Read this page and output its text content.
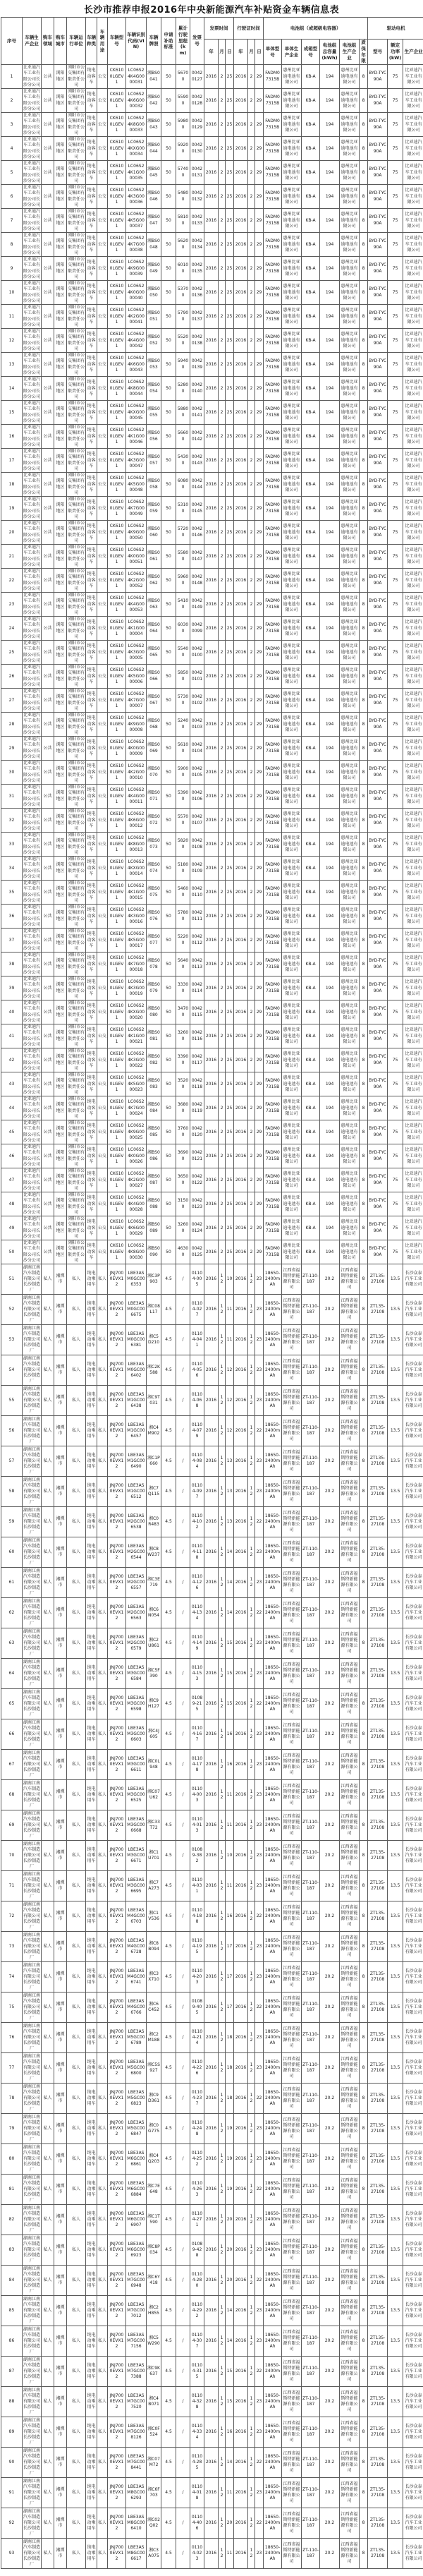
长沙市推荐申报2016年中央新能源汽车补贴资金车辆信息表
序号	车辆生产企业	购车领域	购车城市	车辆运行单位	车辆种类	车辆用途	车辆型号	车辆识别代码(VIN)	车辆牌照	申请补助标准	累计行驶里程(km)	发票号	发票时间			行驶证时间			电池组（或超级电容器）						驱动电机		
													年	月	日	年	月	日	单体型号	单体生产企业	成箱型号	电池组总容量(kWh)	电池组生产企业	质保年限	型号	额定功率(kW)	生产企业
1	比亚迪汽车工业有限公司长沙分公司	公共	浏阳地区	浏阳市公交集团有限责任公司	纯电动客车	公交	CK6100LGEV1	LC06S24K4G0000031	湘BS0041	50	56700	00420127	2016	2	25	2016	2	29	FADM07315B	惠州比亚迪电池有限公司	KB-A	194	惠州比亚迪电池有限公司	8	BYD-TYC90A	75	比亚迪汽车工业有限公司
2	比亚迪汽车工业有限公司长沙分公司	公共	浏阳地区	浏阳市公交集团有限责任公司	纯电动客车	公交	CK6100LGEV1	LC06S24K6G0000032	湘BS0042	50	55900	00420128	2016	2	25	2016	2	29	FADM07315B	惠州比亚迪电池有限公司	KB-A	194	惠州比亚迪电池有限公司	8	BYD-TYC90A	75	比亚迪汽车工业有限公司
3	比亚迪汽车工业有限公司长沙分公司	公共	浏阳地区	浏阳市公交集团有限责任公司	纯电动客车	公交	CK6100LGEV1	LC06S24K8G0000033	湘BS0043	50	59800	00420129	2016	2	25	2016	2	29	FADM07315B	惠州比亚迪电池有限公司	KB-A	194	惠州比亚迪电池有限公司	8	BYD-TYC90A	75	比亚迪汽车工业有限公司
4	比亚迪汽车工业有限公司长沙分公司	公共	浏阳地区	浏阳市公交集团有限责任公司	纯电动客车	公交	CK6100LGEV1	LC06S24KXG0000034	湘BS0044	50	59200	00420130	2016	2	25	2016	2	29	FADM07315B	惠州比亚迪电池有限公司	KB-A	194	惠州比亚迪电池有限公司	8	BYD-TYC90A	75	比亚迪汽车工业有限公司
5	比亚迪汽车工业有限公司长沙分公司	公共	浏阳地区	浏阳市公交集团有限责任公司	纯电动客车	公交	CK6100LGEV1	LC06S24K1G0000035	湘BS0045	50	57400	00420131	2016	2	25	2016	2	29	FADM07315B	惠州比亚迪电池有限公司	KB-A	194	惠州比亚迪电池有限公司	8	BYD-TYC90A	75	比亚迪汽车工业有限公司
6	比亚迪汽车工业有限公司长沙分公司	公共	浏阳地区	浏阳市公交集团有限责任公司	纯电动客车	公交	CK6100LGEV1	LC06S24K3G0000036	湘BS0046	50	54800	00420132	2016	2	25	2016	2	29	FADM07315B	惠州比亚迪电池有限公司	KB-A	194	惠州比亚迪电池有限公司	8	BYD-TYC90A	75	比亚迪汽车工业有限公司
7	比亚迪汽车工业有限公司长沙分公司	公共	浏阳地区	浏阳市公交集团有限责任公司	纯电动客车	公交	CK6100LGEV1	LC06S24K5G0000037	湘BS0047	50	58100	00420133	2016	2	25	2016	2	29	FADM07315B	惠州比亚迪电池有限公司	KB-A	194	惠州比亚迪电池有限公司	8	BYD-TYC90A	75	比亚迪汽车工业有限公司
8	比亚迪汽车工业有限公司长沙分公司	公共	浏阳地区	浏阳市公交集团有限责任公司	纯电动客车	公交	CK6100LGEV1	LC06S24K7G0000038	湘BS0048	50	56200	00420134	2016	2	25	2016	2	29	FADM07315B	惠州比亚迪电池有限公司	KB-A	194	惠州比亚迪电池有限公司	8	BYD-TYC90A	75	比亚迪汽车工业有限公司
9	比亚迪汽车工业有限公司长沙分公司	公共	浏阳地区	浏阳市公交集团有限责任公司	纯电动客车	公交	CK6100LGEV1	LC06S24K9G0000039	湘BS0049	50	60100	00420135	2016	2	25	2016	2	29	FADM07315B	惠州比亚迪电池有限公司	KB-A	194	惠州比亚迪电池有限公司	8	BYD-TYC90A	75	比亚迪汽车工业有限公司
10	比亚迪汽车工业有限公司长沙分公司	公共	浏阳地区	浏阳市公交集团有限责任公司	纯电动客车	公交	CK6100LGEV1	LC06S24K0G0000040	湘BS0050	50	53700	00420136	2016	2	25	2016	2	29	FADM07315B	惠州比亚迪电池有限公司	KB-A	194	惠州比亚迪电池有限公司	8	BYD-TYC90A	75	比亚迪汽车工业有限公司
11	比亚迪汽车工业有限公司长沙分公司	公共	浏阳地区	浏阳市公交集团有限责任公司	纯电动客车	公交	CK6100LGEV1	LC06S24K2G0000041	湘BS0051	50	57900	00420137	2016	2	25	2016	2	29	FADM07315B	惠州比亚迪电池有限公司	KB-A	194	惠州比亚迪电池有限公司	8	BYD-TYC90A	75	比亚迪汽车工业有限公司
12	比亚迪汽车工业有限公司长沙分公司	公共	浏阳地区	浏阳市公交集团有限责任公司	纯电动客车	公交	CK6100LGEV1	LC06S24K4G0000042	湘BS0052	50	55200	00420138	2016	2	25	2016	2	29	FADM07315B	惠州比亚迪电池有限公司	KB-A	194	惠州比亚迪电池有限公司	8	BYD-TYC90A	75	比亚迪汽车工业有限公司
13	比亚迪汽车工业有限公司长沙分公司	公共	浏阳地区	浏阳市公交集团有限责任公司	纯电动客车	公交	CK6100LGEV1	LC06S24K6G0000043	湘BS0053	50	59400	00420139	2016	2	25	2016	2	29	FADM07315B	惠州比亚迪电池有限公司	KB-A	194	惠州比亚迪电池有限公司	8	BYD-TYC90A	75	比亚迪汽车工业有限公司
14	比亚迪汽车工业有限公司长沙分公司	公共	浏阳地区	浏阳市公交集团有限责任公司	纯电动客车	公交	CK6100LGEV1	LC06S24K8G0000044	湘BS0054	50	52800	00420140	2016	2	25	2016	2	29	FADM07315B	惠州比亚迪电池有限公司	KB-A	194	惠州比亚迪电池有限公司	8	BYD-TYC90A	75	比亚迪汽车工业有限公司
15	比亚迪汽车工业有限公司长沙分公司	公共	浏阳地区	浏阳市公交集团有限责任公司	纯电动客车	公交	CK6100LGEV1	LC06S24KXG0000045	湘BS0055	50	58800	00420141	2016	2	25	2016	2	29	FADM07315B	惠州比亚迪电池有限公司	KB-A	194	惠州比亚迪电池有限公司	8	BYD-TYC90A	75	比亚迪汽车工业有限公司
16	比亚迪汽车工业有限公司长沙分公司	公共	浏阳地区	浏阳市公交集团有限责任公司	纯电动客车	公交	CK6100LGEV1	LC06S24K1G0000046	湘BS0056	50	56600	00420142	2016	2	25	2016	2	29	FADM07315B	惠州比亚迪电池有限公司	KB-A	194	惠州比亚迪电池有限公司	8	BYD-TYC90A	75	比亚迪汽车工业有限公司
17	比亚迪汽车工业有限公司长沙分公司	公共	浏阳地区	浏阳市公交集团有限责任公司	纯电动客车	公交	CK6100LGEV1	LC06S24K3G0000047	湘BS0057	50	54300	00420143	2016	2	25	2016	2	29	FADM07315B	惠州比亚迪电池有限公司	KB-A	194	惠州比亚迪电池有限公司	8	BYD-TYC90A	75	比亚迪汽车工业有限公司
18	比亚迪汽车工业有限公司长沙分公司	公共	浏阳地区	浏阳市公交集团有限责任公司	纯电动客车	公交	CK6100LGEV1	LC06S24K5G0000048	湘BS0058	50	60800	00420144	2016	2	25	2016	2	29	FADM07315B	惠州比亚迪电池有限公司	KB-A	194	惠州比亚迪电池有限公司	8	BYD-TYC90A	75	比亚迪汽车工业有限公司
19	比亚迪汽车工业有限公司长沙分公司	公共	浏阳地区	浏阳市公交集团有限责任公司	纯电动客车	公交	CK6100LGEV1	LC06S24K7G0000049	湘BS0059	50	53100	00420145	2016	2	25	2016	2	29	FADM07315B	惠州比亚迪电池有限公司	KB-A	194	惠州比亚迪电池有限公司	8	BYD-TYC90A	75	比亚迪汽车工业有限公司
20	比亚迪汽车工业有限公司长沙分公司	公共	浏阳地区	浏阳市公交集团有限责任公司	纯电动客车	公交	CK6100LGEV1	LC06S24K9G0000050	湘BS0060	50	57200	00420146	2016	2	25	2016	2	29	FADM07315B	惠州比亚迪电池有限公司	KB-A	194	惠州比亚迪电池有限公司	8	BYD-TYC90A	75	比亚迪汽车工业有限公司
21	比亚迪汽车工业有限公司长沙分公司	公共	浏阳地区	浏阳市公交集团有限责任公司	纯电动客车	公交	CK6100LGEV1	LC06S24K0G0000051	湘BS0061	50	55800	00420147	2016	2	25	2016	2	29	FADM07315B	惠州比亚迪电池有限公司	KB-A	194	惠州比亚迪电池有限公司	8	BYD-TYC90A	75	比亚迪汽车工业有限公司
22	比亚迪汽车工业有限公司长沙分公司	公共	浏阳地区	浏阳市公交集团有限责任公司	纯电动客车	公交	CK6100LGEV1	LC06S24K2G0000052	湘BS0062	50	59600	00420148	2016	2	25	2016	2	29	FADM07315B	惠州比亚迪电池有限公司	KB-A	194	惠州比亚迪电池有限公司	8	BYD-TYC90A	75	比亚迪汽车工业有限公司
23	比亚迪汽车工业有限公司长沙分公司	公共	浏阳地区	浏阳市公交集团有限责任公司	纯电动客车	公交	CK6100LGEV1	LC06S24K4G0000053	湘BS0063	50	54100	00420149	2016	2	25	2016	2	29	FADM07315B	惠州比亚迪电池有限公司	KB-A	194	惠州比亚迪电池有限公司	8	BYD-TYC90A	75	比亚迪汽车工业有限公司
24	比亚迪汽车工业有限公司长沙分公司	公共	浏阳地区	浏阳市公交集团有限责任公司	纯电动客车	公交	CK6100LGEV1	LC06S24K1G0000004	湘BS0064	50	60300	00420099	2016	2	25	2016	2	29	FADM07315B	惠州比亚迪电池有限公司	KB-A	194	惠州比亚迪电池有限公司	8	BYD-TYC90A	75	比亚迪汽车工业有限公司
25	比亚迪汽车工业有限公司长沙分公司	公共	浏阳地区	浏阳市公交集团有限责任公司	纯电动客车	公交	CK6100LGEV1	LC06S24K3G0000005	湘BS0065	50	55400	00420100	2016	2	25	2016	2	29	FADM07315B	惠州比亚迪电池有限公司	KB-A	194	惠州比亚迪电池有限公司	8	BYD-TYC90A	75	比亚迪汽车工业有限公司
26	比亚迪汽车工业有限公司长沙分公司	公共	浏阳地区	浏阳市公交集团有限责任公司	纯电动客车	公交	CK6100LGEV1	LC06S24K5G0000006	湘BS0066	50	58500	00420101	2016	2	25	2016	2	29	FADM07315B	惠州比亚迪电池有限公司	KB-A	194	惠州比亚迪电池有限公司	8	BYD-TYC90A	75	比亚迪汽车工业有限公司
27	比亚迪汽车工业有限公司长沙分公司	公共	浏阳地区	浏阳市公交集团有限责任公司	纯电动客车	公交	CK6100LGEV1	LC06S24K7G0000007	湘BS0067	50	57300	00420102	2016	2	25	2016	2	29	FADM07315B	惠州比亚迪电池有限公司	KB-A	194	惠州比亚迪电池有限公司	8	BYD-TYC90A	75	比亚迪汽车工业有限公司
28	比亚迪汽车工业有限公司长沙分公司	公共	浏阳地区	浏阳市公交集团有限责任公司	纯电动客车	公交	CK6100LGEV1	LC06S24K9G0000008	湘BS0068	50	52400	00420103	2016	2	25	2016	2	29	FADM07315B	惠州比亚迪电池有限公司	KB-A	194	惠州比亚迪电池有限公司	8	BYD-TYC90A	75	比亚迪汽车工业有限公司
29	比亚迪汽车工业有限公司长沙分公司	公共	浏阳地区	浏阳市公交集团有限责任公司	纯电动客车	公交	CK6100LGEV1	LC06S24K0G0000009	湘BS0069	50	56100	00420104	2016	2	25	2016	2	29	FADM07315B	惠州比亚迪电池有限公司	KB-A	194	惠州比亚迪电池有限公司	8	BYD-TYC90A	75	比亚迪汽车工业有限公司
30	比亚迪汽车工业有限公司长沙分公司	公共	浏阳地区	浏阳市公交集团有限责任公司	纯电动客车	公交	CK6100LGEV1	LC06S24K2G0000010	湘BS0070	50	59000	00420105	2016	2	25	2016	2	29	FADM07315B	惠州比亚迪电池有限公司	KB-A	194	惠州比亚迪电池有限公司	8	BYD-TYC90A	75	比亚迪汽车工业有限公司
31	比亚迪汽车工业有限公司长沙分公司	公共	浏阳地区	浏阳市公交集团有限责任公司	纯电动客车	公交	CK6100LGEV1	LC06S24K4G0000011	湘BS0071	50	53900	00420106	2016	2	25	2016	2	29	FADM07315B	惠州比亚迪电池有限公司	KB-A	194	惠州比亚迪电池有限公司	8	BYD-TYC90A	75	比亚迪汽车工业有限公司
32	比亚迪汽车工业有限公司长沙分公司	公共	浏阳地区	浏阳市公交集团有限责任公司	纯电动客车	公交	CK6100LGEV1	LC06S24K6G0000012	湘BS0072	50	55700	00420107	2016	2	25	2016	2	29	FADM07315B	惠州比亚迪电池有限公司	KB-A	194	惠州比亚迪电池有限公司	8	BYD-TYC90A	75	比亚迪汽车工业有限公司
33	比亚迪汽车工业有限公司长沙分公司	公共	浏阳地区	浏阳市公交集团有限责任公司	纯电动客车	公交	CK6100LGEV1	LC06S24K8G0000013	湘BS0073	50	58200	00420108	2016	2	25	2016	2	29	FADM07315B	惠州比亚迪电池有限公司	KB-A	194	惠州比亚迪电池有限公司	8	BYD-TYC90A	75	比亚迪汽车工业有限公司
34	比亚迪汽车工业有限公司长沙分公司	公共	浏阳地区	浏阳市公交集团有限责任公司	纯电动客车	公交	CK6100LGEV1	LC06S24KXG0000014	湘BS0074	50	51800	00420109	2016	2	25	2016	2	29	FADM07315B	惠州比亚迪电池有限公司	KB-A	194	惠州比亚迪电池有限公司	8	BYD-TYC90A	75	比亚迪汽车工业有限公司
35	比亚迪汽车工业有限公司长沙分公司	公共	浏阳地区	浏阳市公交集团有限责任公司	纯电动客车	公交	CK6100LGEV1	LC06S24K1G0000015	湘BS0075	50	54600	00420110	2016	2	25	2016	2	29	FADM07315B	惠州比亚迪电池有限公司	KB-A	194	惠州比亚迪电池有限公司	8	BYD-TYC90A	75	比亚迪汽车工业有限公司
36	比亚迪汽车工业有限公司长沙分公司	公共	浏阳地区	浏阳市公交集团有限责任公司	纯电动客车	公交	CK6100LGEV1	LC06S24K3G0000016	湘BS0076	50	57800	00420111	2016	2	25	2016	2	29	FADM07315B	惠州比亚迪电池有限公司	KB-A	194	惠州比亚迪电池有限公司	8	BYD-TYC90A	75	比亚迪汽车工业有限公司
37	比亚迪汽车工业有限公司长沙分公司	公共	浏阳地区	浏阳市公交集团有限责任公司	纯电动客车	公交	CK6100LGEV1	LC06S24K5G0000017	湘BS0077	50	52200	00420112	2016	2	25	2016	2	29	FADM07315B	惠州比亚迪电池有限公司	KB-A	194	惠州比亚迪电池有限公司	8	BYD-TYC90A	75	比亚迪汽车工业有限公司
38	比亚迪汽车工业有限公司长沙分公司	公共	浏阳地区	浏阳市公交集团有限责任公司	纯电动客车	公交	CK6100LGEV1	LC06S24K7G0000018	湘BS0078	50	56400	00420113	2016	2	25	2016	2	29	FADM07315B	惠州比亚迪电池有限公司	KB-A	194	惠州比亚迪电池有限公司	8	BYD-TYC90A	75	比亚迪汽车工业有限公司
39	比亚迪汽车工业有限公司长沙分公司	公共	浏阳地区	浏阳市公交集团有限责任公司	纯电动客车	公交	CK6100LGEV1	LC06S24K3G0000019	湘BS0079	50	33300	00420114	2016	2	25	2016	2	29	FADM07315B	惠州比亚迪电池有限公司	KB-A	194	惠州比亚迪电池有限公司	8	BYD-TYC90A	75	比亚迪汽车工业有限公司
40	比亚迪汽车工业有限公司长沙分公司	公共	浏阳地区	浏阳市公交集团有限责任公司	纯电动客车	公交	CK6100LGEV1	LC06S24KXG0000020	湘BS0080	50	34700	00420115	2016	2	25	2016	2	29	FADM07315B	惠州比亚迪电池有限公司	KB-A	194	惠州比亚迪电池有限公司	8	BYD-TYC90A	75	比亚迪汽车工业有限公司
41	比亚迪汽车工业有限公司长沙分公司	公共	浏阳地区	浏阳市公交集团有限责任公司	纯电动客车	公交	CK6100LGEV1	LC06S24K1G0000021	湘BS0081	50	32600	00420116	2016	2	25	2016	2	29	FADM07315B	惠州比亚迪电池有限公司	KB-A	194	惠州比亚迪电池有限公司	8	BYD-TYC90A	75	比亚迪汽车工业有限公司
42	比亚迪汽车工业有限公司长沙分公司	公共	浏阳地区	浏阳市公交集团有限责任公司	纯电动客车	公交	CK6100LGEV1	LC06S24K3G0000022	湘BS0082	50	33900	00420117	2016	2	25	2016	2	29	FADM07315B	惠州比亚迪电池有限公司	KB-A	194	惠州比亚迪电池有限公司	8	BYD-TYC90A	75	比亚迪汽车工业有限公司
43	比亚迪汽车工业有限公司长沙分公司	公共	浏阳地区	浏阳市公交集团有限责任公司	纯电动客车	公交	CK6100LGEV1	LC06S24K5G0000023	湘BS0083	50	35200	00420118	2016	2	25	2016	2	29	FADM07315B	惠州比亚迪电池有限公司	KB-A	194	惠州比亚迪电池有限公司	8	BYD-TYC90A	75	比亚迪汽车工业有限公司
44	比亚迪汽车工业有限公司长沙分公司	公共	浏阳地区	浏阳市公交集团有限责任公司	纯电动客车	公交	CK6100LGEV1	LC06S24K7G0000024	湘BS0084	50	36800	00420119	2016	2	25	2016	2	29	FADM07315B	惠州比亚迪电池有限公司	KB-A	194	惠州比亚迪电池有限公司	8	BYD-TYC90A	75	比亚迪汽车工业有限公司
45	比亚迪汽车工业有限公司长沙分公司	公共	浏阳地区	浏阳市公交集团有限责任公司	纯电动客车	公交	CK6100LGEV1	LC06S24K9G0000025	湘BS0085	50	37600	00420120	2016	2	25	2016	2	29	FADM07315B	惠州比亚迪电池有限公司	KB-A	194	惠州比亚迪电池有限公司	8	BYD-TYC90A	75	比亚迪汽车工业有限公司
46	比亚迪汽车工业有限公司长沙分公司	公共	浏阳地区	浏阳市公交集团有限责任公司	纯电动客车	公交	CK6100LGEV1	LC06S24K0G0000026	湘BS0086	50	36900	00420121	2016	2	25	2016	2	29	FADM07315B	惠州比亚迪电池有限公司	KB-A	194	惠州比亚迪电池有限公司	8	BYD-TYC90A	75	比亚迪汽车工业有限公司
47	比亚迪汽车工业有限公司长沙分公司	公共	浏阳地区	浏阳市公交集团有限责任公司	纯电动客车	公交	CK6100LGEV1	LC06S24K2G0000027	湘BS0087	50	36500	00420122	2016	2	25	2016	2	29	FADM07315B	惠州比亚迪电池有限公司	KB-A	194	惠州比亚迪电池有限公司	8	BYD-TYC90A	75	比亚迪汽车工业有限公司
48	比亚迪汽车工业有限公司长沙分公司	公共	浏阳地区	浏阳市公交集团有限责任公司	纯电动客车	公交	CK6100LGEV1	LC06S24K4G0000028	湘BS0088	50	31500	00420123	2016	2	25	2016	2	29	FADM07315B	惠州比亚迪电池有限公司	KB-A	194	惠州比亚迪电池有限公司	8	BYD-TYC90A	75	比亚迪汽车工业有限公司
49	比亚迪汽车工业有限公司长沙分公司	公共	浏阳地区	浏阳市公交集团有限责任公司	纯电动客车	公交	CK6100LGEV1	LC06S24K6G0000029	湘BS0089	50	32600	00420124	2016	2	25	2016	2	29	FADM07315B	惠州比亚迪电池有限公司	KB-A	194	惠州比亚迪电池有限公司	8	BYD-TYC90A	75	比亚迪汽车工业有限公司
50	比亚迪汽车工业有限公司长沙分公司	公共	浏阳地区	浏阳市公交集团有限责任公司	纯电动客车	公交	CK6100LGEV1	LC06S24K8G0000030	湘BS0090	50	46300	00420125	2016	2	25	2016	2	29	FADM07315B	惠州比亚迪电池有限公司	KB-A	194	惠州比亚迪电池有限公司	8	BYD-TYC90A	75	比亚迪汽车工业有限公司
51	湖南江南汽车制造有限公司长沙制造厂	私人	湘潭市	私人	纯电动乘用车	私人	JNJ7000EVX12	LBE3ASM0GC006353	湘C3P903	4.5	/	01104-005	2016	12	10	2016	12	23	18650-2400mAh	江西省福斯特新能源有限公司	ZT-110-187	20.2	江西省福斯特新能源有限公司	8	ZT135-27108	13.5	长沙众泰汽车工业有限公司
52	湖南江南汽车制造有限公司长沙制造厂	私人	湘潭市	私人	纯电动乘用车	私人	JNJ7000EVX12	LBE3ASM0GC006675	湘C08L17	4.5	/	01104-027	2016	12	11	2016	12	23	18650-2400mAh	江西省福斯特新能源有限公司	ZT-110-187	20.2	江西省福斯特新能源有限公司	8	ZT135-27108	13.5	长沙众泰汽车工业有限公司
53	湖南江南汽车制造有限公司长沙制造厂	私人	湘潭市	私人	纯电动乘用车	私人	JNJ7000EVX12	LBE3ASM0GC006381	湘C5D210	4.5	/	01104-041	2016	12	11	2016	12	23	18650-2400mAh	江西省福斯特新能源有限公司	ZT-110-187	20.2	江西省福斯特新能源有限公司	8	ZT135-27108	13.5	长沙众泰汽车工业有限公司
54	湖南江南汽车制造有限公司长沙制造厂	私人	湘潭市	私人	纯电动乘用车	私人	JNJ7000EVX12	LBE3ASM0GC006402	湘C2K588	4.5	/	01104-056	2016	12	12	2016	12	23	18650-2400mAh	江西省福斯特新能源有限公司	ZT-110-187	20.2	江西省福斯特新能源有限公司	8	ZT135-27108	13.5	长沙众泰汽车工业有限公司
55	湖南江南汽车制造有限公司长沙制造厂	私人	湘潭市	私人	纯电动乘用车	私人	JNJ7000EVX12	LBE3ASM1GC006438	湘C9T031	4.5	/	01104-068	2016	12	12	2016	12	23	18650-2400mAh	江西省福斯特新能源有限公司	ZT-110-187	20.2	江西省福斯特新能源有限公司	8	ZT135-27108	13.5	长沙众泰汽车工业有限公司
56	湖南江南汽车制造有限公司长沙制造厂	私人	湘潭市	私人	纯电动乘用车	私人	JNJ7000EVX12	LBE3ASM1GC006457	湘C4M902	4.5	/	01104-079	2016	12	12	2016	12	22	18650-2400mAh	江西省福斯特新能源有限公司	ZT-110-187	20.2	江西省福斯特新能源有限公司	8	ZT135-27108	13.5	长沙众泰汽车工业有限公司
57	湖南江南汽车制造有限公司长沙制造厂	私人	湘潭市	私人	纯电动乘用车	私人	JNJ7000EVX12	LBE3ASM1GC006490	湘C1P660	4.5	/	01104-084	2016	12	13	2016	12	23	18650-2400mAh	江西省福斯特新能源有限公司	ZT-110-187	20.2	江西省福斯特新能源有限公司	8	ZT135-27108	13.5	长沙众泰汽车工业有限公司
58	湖南江南汽车制造有限公司长沙制造厂	私人	湘潭市	私人	纯电动乘用车	私人	JNJ7000EVX12	LBE3ASM1GC006512	湘C7Q115	4.5	/	01104-097	2016	12	13	2016	12	23	18650-2400mAh	江西省福斯特新能源有限公司	ZT-110-187	20.2	江西省福斯特新能源有限公司	8	ZT135-27108	13.5	长沙众泰汽车工业有限公司
59	湖南江南汽车制造有限公司长沙制造厂	私人	湘潭市	私人	纯电动乘用车	私人	JNJ7000EVX12	LBE3ASM2GC006538	湘C0R483	4.5	/	01104-102	2016	12	13	2016	12	22	18650-2400mAh	江西省福斯特新能源有限公司	ZT-110-187	20.2	江西省福斯特新能源有限公司	8	ZT135-27108	13.5	长沙众泰汽车工业有限公司
60	湖南江南汽车制造有限公司长沙制造厂	私人	湘潭市	私人	纯电动乘用车	私人	JNJ7000EVX12	LBE3ASM2GC006544	湘C8W237	4.5	/	01104-118	2016	12	14	2016	12	23	18650-2400mAh	江西省福斯特新能源有限公司	ZT-110-187	20.2	江西省福斯特新能源有限公司	8	ZT135-27108	13.5	长沙众泰汽车工业有限公司
61	湖南江南汽车制造有限公司长沙制造厂	私人	湘潭市	私人	纯电动乘用车	私人	JNJ7000EVX12	LBE3ASM2GC006557	湘C3E719	4.5	/	01104-126	2016	12	14	2016	12	23	18650-2400mAh	江西省福斯特新能源有限公司	ZT-110-187	20.2	江西省福斯特新能源有限公司	8	ZT135-27108	13.5	长沙众泰汽车工业有限公司
62	湖南江南汽车制造有限公司长沙制造厂	私人	湘潭市	私人	纯电动乘用车	私人	JNJ7000EVX12	LBE3ASM2GC006563	湘C6N054	4.5	/	01104-134	2016	12	14	2016	12	22	18650-2400mAh	江西省福斯特新能源有限公司	ZT-110-187	20.2	江西省福斯特新能源有限公司	8	ZT135-27108	13.5	长沙众泰汽车工业有限公司
63	湖南江南汽车制造有限公司长沙制造厂	私人	湘潭市	私人	纯电动乘用车	私人	JNJ7000EVX12	LBE3ASM2GC006579	湘C2U861	4.5	/	01104-149	2016	12	15	2016	12	23	18650-2400mAh	江西省福斯特新能源有限公司	ZT-110-187	20.2	江西省福斯特新能源有限公司	8	ZT135-27108	13.5	长沙众泰汽车工业有限公司
64	湖南江南汽车制造有限公司长沙制造厂	私人	湘潭市	私人	纯电动乘用车	私人	JNJ7000EVX12	LBE3ASM3GC006584	湘C5F390	4.5	/	01104-153	2016	12	15	2016	12	23	18650-2400mAh	江西省福斯特新能源有限公司	ZT-110-187	20.2	江西省福斯特新能源有限公司	8	ZT135-27108	13.5	长沙众泰汽车工业有限公司
65	湖南江南汽车制造有限公司长沙制造厂	私人	湘潭市	私人	纯电动乘用车	私人	JNJ7000EVX12	LBE3ASM3GC006598	湘C9H127	4.5	/	01089-215	2016	12	15	2016	12	22	18650-2400mAh	江西省福斯特新能源有限公司	ZT-110-187	20.2	江西省福斯特新能源有限公司	8	ZT135-27108	13.5	长沙众泰汽车工业有限公司
66	湖南江南汽车制造有限公司长沙制造厂	私人	湘潭市	私人	纯电动乘用车	私人	JNJ7000EVX12	LBE3ASM3GC006603	湘C4J605	4.5	/	01104-167	2016	12	16	2016	12	23	18650-2400mAh	江西省福斯特新能源有限公司	ZT-110-187	20.2	江西省福斯特新能源有限公司	8	ZT135-27108	13.5	长沙众泰汽车工业有限公司
67	湖南江南汽车制造有限公司长沙制造厂	私人	湘潭市	私人	纯电动乘用车	私人	JNJ7000EVX12	LBE3ASM3GC006611	湘C0L948	4.5	/	01104-178	2016	12	16	2016	12	23	18650-2400mAh	江西省福斯特新能源有限公司	ZT-110-187	20.2	江西省福斯特新能源有限公司	8	ZT135-27108	13.5	长沙众泰汽车工业有限公司
68	湖南江南汽车制造有限公司长沙制造厂	私人	湘潭市	私人	纯电动乘用车	私人	JNJ7000EVX12	LBE3ASM3GC006525	湘C07U62	4.5	/	01104-003	2016	12	11	2016	12	23	18650-2400mAh	江西省福斯特新能源有限公司	ZT-110-187	20.2	江西省福斯特新能源有限公司	8	ZT135-27108	13.5	长沙众泰汽车工业有限公司
69	湖南江南汽车制造有限公司长沙制造厂	私人	湘潭市	私人	纯电动乘用车	私人	JNJ7000EVX12	LBE3ASM3GC006668	湘C33T72	4.5	/	01104-013	2016	12	11	2016	12	23	18650-2400mAh	江西省福斯特新能源有限公司	ZT-110-187	20.2	江西省福斯特新能源有限公司	8	ZT135-27108	13.5	长沙众泰汽车工业有限公司
70	湖南江南汽车制造有限公司长沙制造厂	私人	湘潭市	私人	纯电动乘用车	私人	JNJ7000EVX12	LBE3ASM3GC006671	湘C1U701	4.5	/	01089-382	2016	12	10	2016	12	23	18650-2400mAh	江西省福斯特新能源有限公司	ZT-110-187	20.2	江西省福斯特新能源有限公司	8	ZT135-27108	13.5	长沙众泰汽车工业有限公司
71	湖南江南汽车制造有限公司长沙制造厂	私人	湘潭市	私人	纯电动乘用车	私人	JNJ7000EVX12	LBE3ASM3GC006695	湘C7A273	4.5	/	01104-031	2016	12	11	2016	12	23	18650-2400mAh	江西省福斯特新能源有限公司	ZT-110-187	20.2	江西省福斯特新能源有限公司	8	ZT135-27108	13.5	长沙众泰汽车工业有限公司
72	湖南江南汽车制造有限公司长沙制造厂	私人	湘潭市	私人	纯电动乘用车	私人	JNJ7000EVX12	LBE3ASM4GC006703	湘C1V536	4.5	/	01104-188	2016	12	16	2016	12	22	18650-2400mAh	江西省福斯特新能源有限公司	ZT-110-187	20.2	江西省福斯特新能源有限公司	8	ZT135-27108	13.5	长沙众泰汽车工业有限公司
73	湖南江南汽车制造有限公司长沙制造厂	私人	湘潭市	私人	纯电动乘用车	私人	JNJ7000EVX12	LBE3ASM4GC006728	湘C8B094	4.5	/	01104-195	2016	12	17	2016	12	23	18650-2400mAh	江西省福斯特新能源有限公司	ZT-110-187	20.2	江西省福斯特新能源有限公司	8	ZT135-27108	13.5	长沙众泰汽车工业有限公司
74	湖南江南汽车制造有限公司长沙制造厂	私人	湘潭市	私人	纯电动乘用车	私人	JNJ7000EVX12	LBE3ASM4GC006741	湘C3X710	4.5	/	01104-203	2016	12	17	2016	12	23	18650-2400mAh	江西省福斯特新能源有限公司	ZT-110-187	20.2	江西省福斯特新能源有限公司	8	ZT135-27108	13.5	长沙众泰汽车工业有限公司
75	湖南江南汽车制造有限公司长沙制造厂	私人	湘潭市	私人	纯电动乘用车	私人	JNJ7000EVX12	LBE3ASM4GC006766	湘C6C452	4.5	/	01089-405	2016	12	17	2016	12	22	18650-2400mAh	江西省福斯特新能源有限公司	ZT-110-187	20.2	江西省福斯特新能源有限公司	8	ZT135-27108	13.5	长沙众泰汽车工业有限公司
76	湖南江南汽车制造有限公司长沙制造厂	私人	湘潭市	私人	纯电动乘用车	私人	JNJ7000EVX12	LBE3ASM5GC006789	湘C2M188	4.5	/	01104-214	2016	12	18	2016	12	23	18650-2400mAh	江西省福斯特新能源有限公司	ZT-110-187	20.2	江西省福斯特新能源有限公司	8	ZT135-27108	13.5	长沙众泰汽车工业有限公司
77	湖南江南汽车制造有限公司长沙制造厂	私人	湘潭市	私人	纯电动乘用车	私人	JNJ7000EVX12	LBE3ASM5GC006800	湘C5S927	4.5	/	01104-226	2016	12	18	2016	12	23	18650-2400mAh	江西省福斯特新能源有限公司	ZT-110-187	20.2	江西省福斯特新能源有限公司	8	ZT135-27108	13.5	长沙众泰汽车工业有限公司
78	湖南江南汽车制造有限公司长沙制造厂	私人	湘潭市	私人	纯电动乘用车	私人	JNJ7000EVX12	LBE3ASM5GC006823	湘C9D361	4.5	/	01104-237	2016	12	18	2016	12	22	18650-2400mAh	江西省福斯特新能源有限公司	ZT-110-187	20.2	江西省福斯特新能源有限公司	8	ZT135-27108	13.5	长沙众泰汽车工业有限公司
79	湖南江南汽车制造有限公司长沙制造厂	私人	湘潭市	私人	纯电动乘用车	私人	JNJ7000EVX12	LBE3ASM5GC006847	湘C0G775	4.5	/	01104-248	2016	12	19	2016	12	23	18650-2400mAh	江西省福斯特新能源有限公司	ZT-110-187	20.2	江西省福斯特新能源有限公司	8	ZT135-27108	13.5	长沙众泰汽车工业有限公司
80	湖南江南汽车制造有限公司长沙制造厂	私人	湘潭市	私人	纯电动乘用车	私人	JNJ7000EVX12	LBE3ASM6GC006861	湘C4Q203	4.5	/	01104-252	2016	12	19	2016	12	23	18650-2400mAh	江西省福斯特新能源有限公司	ZT-110-187	20.2	江西省福斯特新能源有限公司	8	ZT135-27108	13.5	长沙众泰汽车工业有限公司
81	湖南江南汽车制造有限公司长沙制造厂	私人	湘潭市	私人	纯电动乘用车	私人	JNJ7000EVX12	LBE3ASM6GC006884	湘C7E648	4.5	/	01104-263	2016	12	19	2016	12	22	18650-2400mAh	江西省福斯特新能源有限公司	ZT-110-187	20.2	江西省福斯特新能源有限公司	8	ZT135-27108	13.5	长沙众泰汽车工业有限公司
82	湖南江南汽车制造有限公司长沙制造厂	私人	湘潭市	私人	纯电动乘用车	私人	JNJ7000EVX12	LBE3ASM6GC006907	湘C1T590	4.5	/	01104-271	2016	12	20	2016	12	23	18650-2400mAh	江西省福斯特新能源有限公司	ZT-110-187	20.2	江西省福斯特新能源有限公司	8	ZT135-27108	13.5	长沙众泰汽车工业有限公司
83	湖南江南汽车制造有限公司长沙制造厂	私人	湘潭市	私人	纯电动乘用车	私人	JNJ7000EVX12	LBE3ASM6GC006923	湘C8P034	4.5	/	01089-428	2016	12	20	2016	12	23	18650-2400mAh	江西省福斯特新能源有限公司	ZT-110-187	20.2	江西省福斯特新能源有限公司	8	ZT135-27108	13.5	长沙众泰汽车工业有限公司
84	湖南江南汽车制造有限公司长沙制造厂	私人	湘潭市	私人	纯电动乘用车	私人	JNJ7000EVX12	LBE3ASM7GC006948	湘C6Y418	4.5	/	01104-280	2016	12	20	2016	12	22	18650-2400mAh	江西省福斯特新能源有限公司	ZT-110-187	20.2	江西省福斯特新能源有限公司	8	ZT135-27108	13.5	长沙众泰汽车工业有限公司
85	湖南江南汽车制造有限公司长沙制造厂	私人	湘潭市	私人	纯电动乘用车	私人	JNJ7000EVX12	LBE3ASM7GC007012	湘C2H855	4.5	/	01104-292	2016	12	14	2016	12	23	18650-2400mAh	江西省福斯特新能源有限公司	ZT-110-187	20.2	江西省福斯特新能源有限公司	8	ZT135-27108	13.5	长沙众泰汽车工业有限公司
86	湖南江南汽车制造有限公司长沙制造厂	私人	湘潭市	私人	纯电动乘用车	私人	JNJ7000EVX12	LBE3ASM7GC007156	湘C5W290	4.5	/	01104-307	2016	12	14	2016	12	23	18650-2400mAh	江西省福斯特新能源有限公司	ZT-110-187	20.2	江西省福斯特新能源有限公司	8	ZT135-27108	13.5	长沙众泰汽车工业有限公司
87	湖南江南汽车制造有限公司长沙制造厂	私人	湘潭市	私人	纯电动乘用车	私人	JNJ7000EVX12	LBE3ASM7GC007388	湘C9K637	4.5	/	01104-315	2016	12	15	2016	12	22	18650-2400mAh	江西省福斯特新能源有限公司	ZT-110-187	20.2	江西省福斯特新能源有限公司	8	ZT135-27108	13.5	长沙众泰汽车工业有限公司
88	湖南江南汽车制造有限公司长沙制造厂	私人	湘潭市	私人	纯电动乘用车	私人	JNJ7000EVX12	LBE3ASM7GC007520	湘C4B071	4.5	/	01104-328	2016	12	15	2016	12	23	18650-2400mAh	江西省福斯特新能源有限公司	ZT-110-187	20.2	江西省福斯特新能源有限公司	8	ZT135-27108	13.5	长沙众泰汽车工业有限公司
89	湖南江南汽车制造有限公司长沙制造厂	私人	湘潭市	私人	纯电动乘用车	私人	JNJ7000EVX12	LBE3ASM7GC008126	湘C0F524	4.5	/	01104-334	2016	12	16	2016	12	23	18650-2400mAh	江西省福斯特新能源有限公司	ZT-110-187	20.2	江西省福斯特新能源有限公司	8	ZT135-27108	13.5	长沙众泰汽车工业有限公司
90	湖南江南汽车制造有限公司长沙制造厂	私人	湘潭市	私人	纯电动乘用车	私人	JNJ7000EVX12	LBE3ASM7GC008441	湘C07M72	4.5	/	01104-285	2016	12	14	2016	12	22	18650-2400mAh	江西省福斯特新能源有限公司	ZT-110-187	20.2	江西省福斯特新能源有限公司	8	ZT135-27108	13.5	长沙众泰汽车工业有限公司
91	湖南江南汽车制造有限公司长沙制造厂	私人	湘潭市	私人	纯电动乘用车	私人	JNJ7000EVX12	LBE3ASM8GC006293	湘C6F703	4.5	/	01104-018	2016	12	11	2016	12	23	18650-2400mAh	江西省福斯特新能源有限公司	ZT-110-187	20.2	江西省福斯特新能源有限公司	8	ZT135-27108	13.5	长沙众泰汽车工业有限公司
92	湖南江南汽车制造有限公司长沙制造厂	私人	湘潭市	私人	纯电动乘用车	私人	JNJ7000EVX12	LBE3ASM8GC006410	湘C02Q02	4.5	/	01104-406	2016	12	20	2016	12	22	18650-2400mAh	江西省福斯特新能源有限公司	ZT-110-187	20.2	江西省福斯特新能源有限公司	8	ZT135-27108	13.5	长沙众泰汽车工业有限公司
93	湖南江南汽车制造有限公司长沙制造厂	私人	湘潭市	私人	纯电动乘用车	私人	JNJ7000EVX12	LBE3ASM8GC006617	湘C3A075	4.5	/	01104-023	2016	12	11	2016	12	23	18650-2400mAh	江西省福斯特新能源有限公司	ZT-110-187	20.2	江西省福斯特新能源有限公司	8	ZT135-27108	13.5	长沙众泰汽车工业有限公司
